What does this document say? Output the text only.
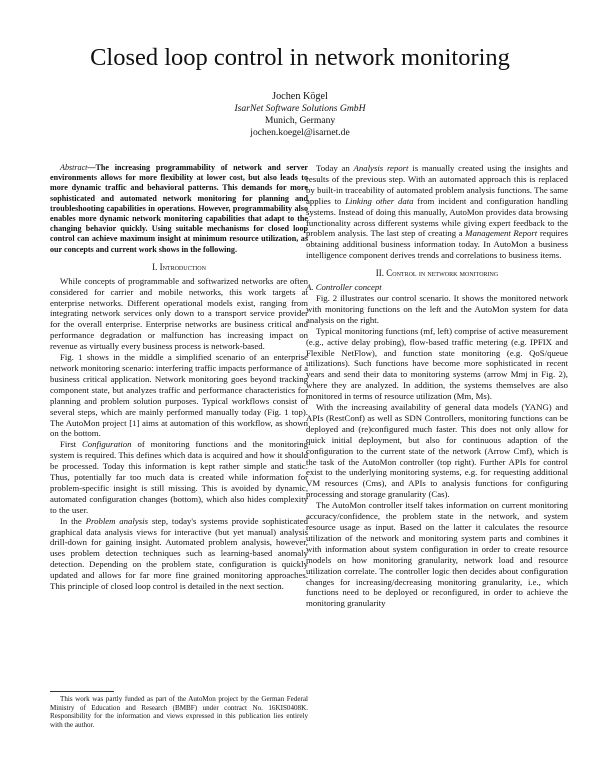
Closed loop control in network monitoring
Jochen Kögel
IsarNet Software Solutions GmbH
Munich, Germany
jochen.koegel@isarnet.de

Abstract—The increasing programmability of network and server environments allows for more flexibility at lower cost, but also leads to more dynamic traffic and behavioral patterns. This demands for more sophisticated and automated network monitoring for planning and troubleshooting capabilities in operations. However, programmability also enables more dynamic network monitoring capabilities that adapt to the changing behavior quickly. Using suitable mechanisms for closed loop control can achieve maximum insight at minimum resource utilization, as our concepts and current work shows in the following.

I. Introduction

While concepts of programmable and softwarized networks are often considered for carrier and mobile networks, this work targets at enterprise networks. Different operational models exist, ranging from integrating network services only down to a transport service provider for the overall enterprise. Enterprise networks are business critical and performance degradation or malfunction has increasing impact on revenue as virtually every business process is network-based.

Fig. 1 shows in the middle a simplified scenario of an enterprise network monitoring scenario: interfering traffic impacts performance of a business critical application. Network monitoring goes beyond tracking component state, but analyzes traffic and performance characteristics for planning and problem solution purposes. Typical workflows consist of several steps, which are mainly performed manually today (Fig. 1 top). The AutoMon project [1] aims at automation of this workflow, as shown on the bottom.

First Configuration of monitoring functions and the monitoring system is required. This defines which data is acquired and how it should be processed. Today this information is kept rather simple and static. Thus, potentially far too much data is created while information for problem-specific insight is still missing. This is avoided by dynamic, automated configuration changes (bottom), which also hides complexity to the user.

In the Problem analysis step, today's systems provide sophisticated graphical data analysis views for interactive (but yet manual) analysis drill-down for gaining insight. Automated problem analysis, however, uses problem detection techniques such as learning-based anomaly detection. Depending on the problem state, configuration is quickly updated and allows for far more fine grained monitoring approaches. This principle of closed loop control is detailed in the next section.

This work was partly funded as part of the AutoMon project by the German Federal Ministry of Education and Research (BMBF) under contract No. 16KIS0408K. Responsibility for the information and views expressed in this publication lies entirely with the author.

Today an Analysis report is manually created using the insights and results of the previous step. With an automated approach this is replaced by built-in traceability of automated problem analysis functions. The same applies to Linking other data from incident and configuration handling systems. Instead of doing this manually, AutoMon provides data browsing functionality across different systems while giving expert feedback to the problem analysis. The last step of creating a Management Report requires obtaining additional business information today. In AutoMon a business intelligence component derives trends and correlations to business items.

II. Control in network monitoring

A. Controller concept

Fig. 2 illustrates our control scenario. It shows the monitored network with monitoring functions on the left and the AutoMon system for data analysis on the right.

Typical monitoring functions (mf, left) comprise of active measurement (e.g., active delay probing), flow-based traffic metering (e.g. IPFIX and Flexible NetFlow), and function state monitoring (e.g. QoS/queue utilizations). Such functions have become more sophisticated in recent years and send their data to monitoring systems (arrow Mmj in Fig. 2), where they are analyzed. In addition, the systems themselves are also monitored in terms of resource utilization (Mm, Ms).

With the increasing availability of general data models (YANG) and APIs (RestConf) as well as SDN Controllers, monitoring functions can be deployed and (re)configured much faster. This does not only allow for quick initial deployment, but also for continuous adaption of the configuration to the current state of the network (Arrow Cmf), which is the task of the AutoMon controller (top right). Further APIs for control exist to the underlying monitoring systems, e.g. for requesting additional VM resources (Cms), and APIs to analysis functions for configuring processing and storage granularity (Cas).

The AutoMon controller itself takes information on current monitoring accuracy/confidence, the problem state in the network, and system resource usage as input. Based on the latter it calculates the resource utilization of the network and monitoring system parts and combines it with information about system configuration in order to create resource models on how monitoring granularity, network load and resource utilization correlate. The controller logic then decides about configuration changes for increasing/decreasing monitoring granularity, i.e., which functions need to be deployed or reconfigured, in order to achieve the monitoring granularity
